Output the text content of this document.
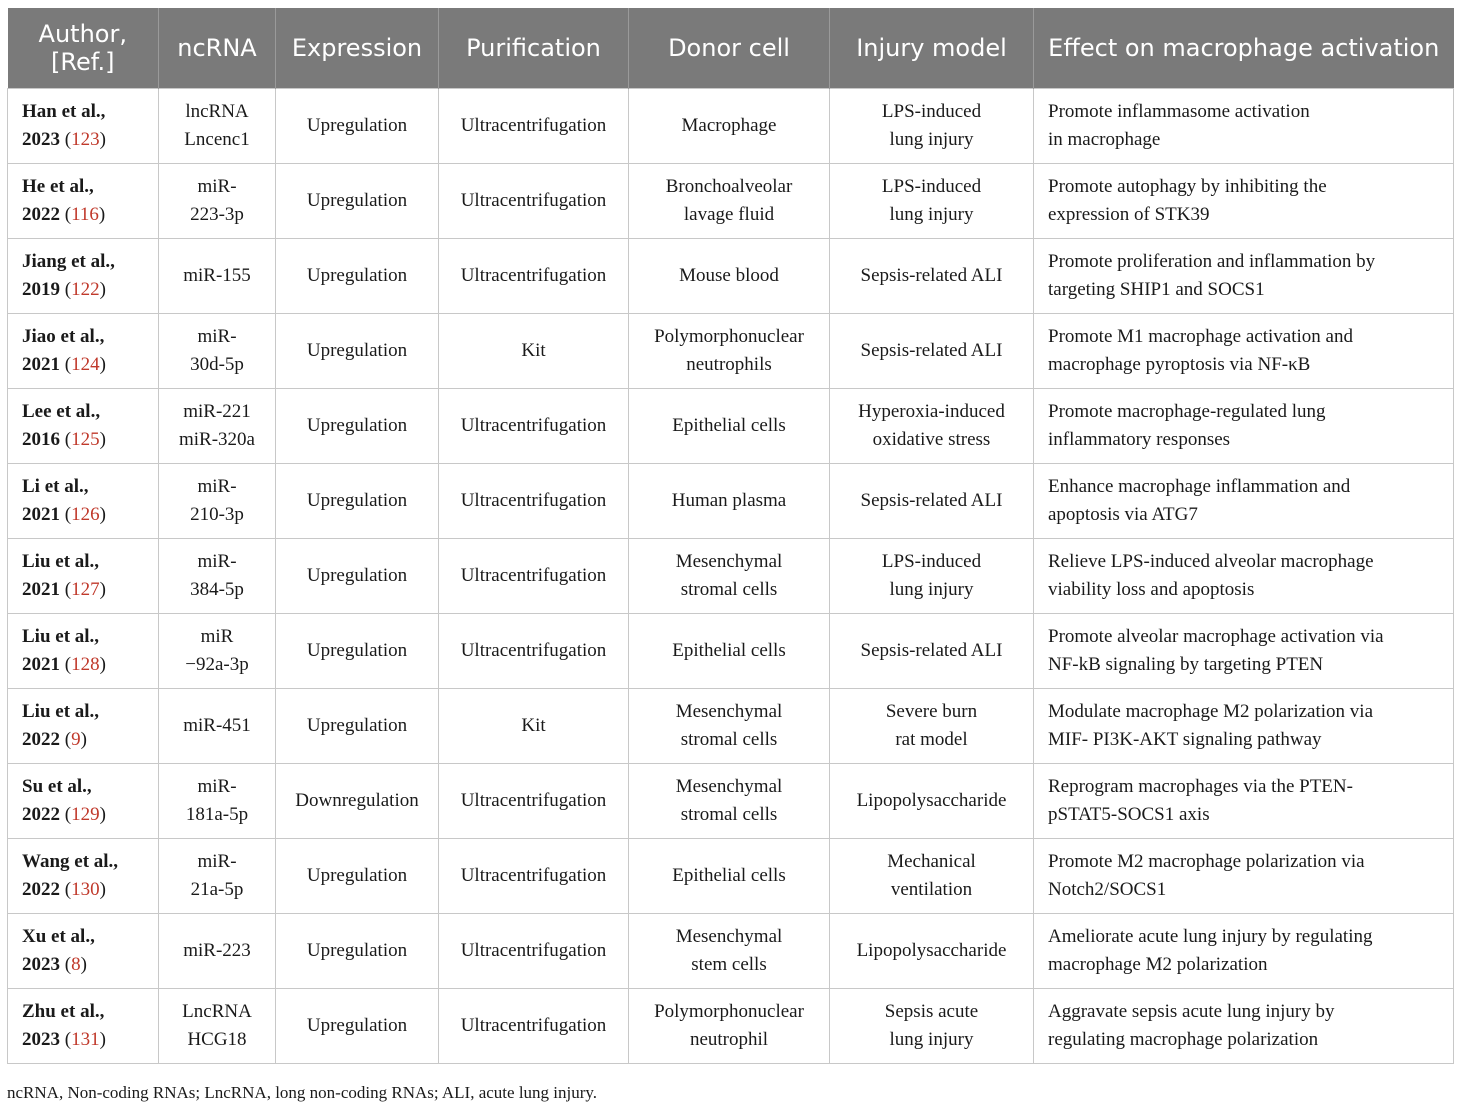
Author,
[Ref.]	ncRNA	Expression	Purification	Donor cell	Injury model	Effect on macrophage activation

Han et al.,
2023 (123)	lncRNA
Lncenc1	Upregulation	Ultracentrifugation	Macrophage	LPS-induced
lung injury	Promote inflammasome activation
in macrophage

He et al.,
2022 (116)	miR-
223-3p	Upregulation	Ultracentrifugation	Bronchoalveolar
lavage fluid	LPS-induced
lung injury	Promote autophagy by inhibiting the
expression of STK39

Jiang et al.,
2019 (122)	miR-155	Upregulation	Ultracentrifugation	Mouse blood	Sepsis-related ALI	Promote proliferation and inflammation by
targeting SHIP1 and SOCS1

Jiao et al.,
2021 (124)	miR-
30d-5p	Upregulation	Kit	Polymorphonuclear
neutrophils	Sepsis-related ALI	Promote M1 macrophage activation and
macrophage pyroptosis via NF-κB

Lee et al.,
2016 (125)	miR-221
miR-320a	Upregulation	Ultracentrifugation	Epithelial cells	Hyperoxia-induced
oxidative stress	Promote macrophage-regulated lung
inflammatory responses

Li et al.,
2021 (126)	miR-
210-3p	Upregulation	Ultracentrifugation	Human plasma	Sepsis-related ALI	Enhance macrophage inflammation and
apoptosis via ATG7

Liu et al.,
2021 (127)	miR-
384-5p	Upregulation	Ultracentrifugation	Mesenchymal
stromal cells	LPS-induced
lung injury	Relieve LPS-induced alveolar macrophage
viability loss and apoptosis

Liu et al.,
2021 (128)	miR
−92a-3p	Upregulation	Ultracentrifugation	Epithelial cells	Sepsis-related ALI	Promote alveolar macrophage activation via
NF-kB signaling by targeting PTEN

Liu et al.,
2022 (9)	miR-451	Upregulation	Kit	Mesenchymal
stromal cells	Severe burn
rat model	Modulate macrophage M2 polarization via
MIF- PI3K-AKT signaling pathway

Su et al.,
2022 (129)	miR-
181a-5p	Downregulation	Ultracentrifugation	Mesenchymal
stromal cells	Lipopolysaccharide	Reprogram macrophages via the PTEN-
pSTAT5-SOCS1 axis

Wang et al.,
2022 (130)	miR-
21a-5p	Upregulation	Ultracentrifugation	Epithelial cells	Mechanical
ventilation	Promote M2 macrophage polarization via
Notch2/SOCS1

Xu et al.,
2023 (8)	miR-223	Upregulation	Ultracentrifugation	Mesenchymal
stem cells	Lipopolysaccharide	Ameliorate acute lung injury by regulating
macrophage M2 polarization

Zhu et al.,
2023 (131)	LncRNA
HCG18	Upregulation	Ultracentrifugation	Polymorphonuclear
neutrophil	Sepsis acute
lung injury	Aggravate sepsis acute lung injury by
regulating macrophage polarization
ncRNA, Non-coding RNAs; LncRNA, long non-coding RNAs; ALI, acute lung injury.
